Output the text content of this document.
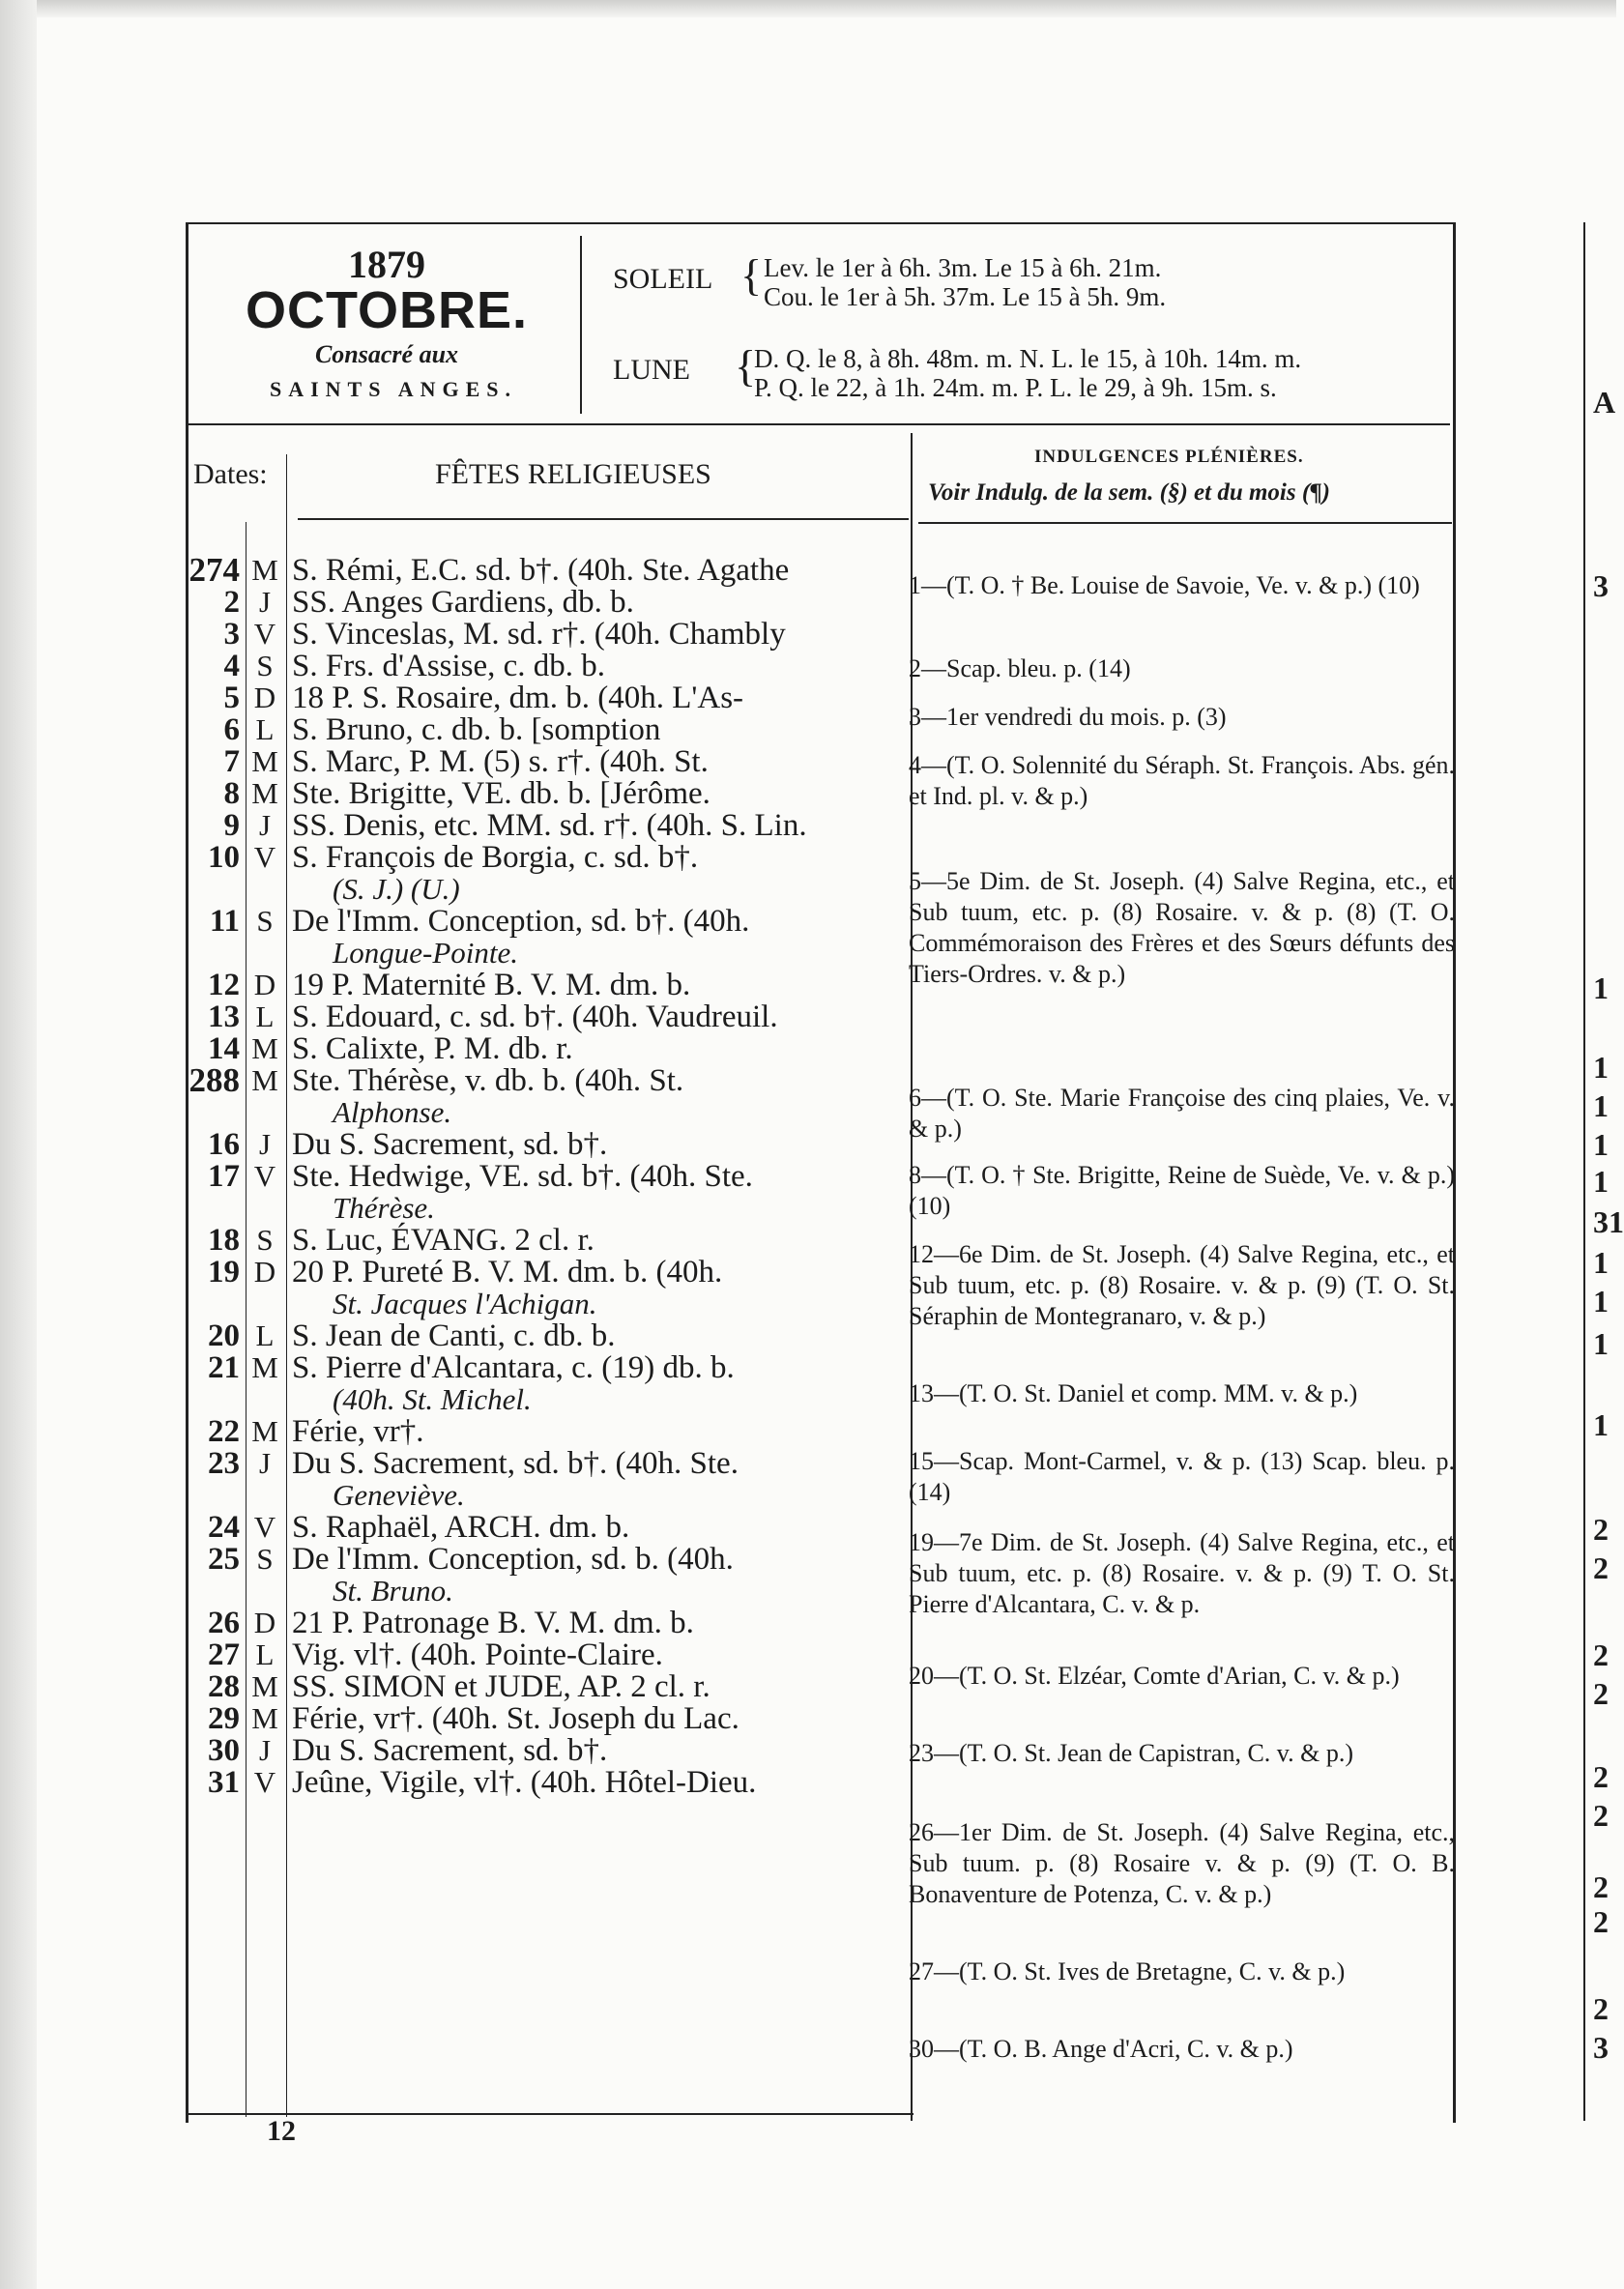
1879
OCTOBRE.
Consacré aux
SAINTS ANGES.
SOLEIL { Lev. le 1er à 6h. 3m. Le 15 à 6h. 21m.
Cou. le 1er à 5h. 37m. Le 15 à 5h. 9m.
LUNE {
D. Q. le 8, à 8h. 48m. m. N. L. le 15, à 10h. 14m. m.
P. Q. le 22, à 1h. 24m. m. P. L. le 29, à 9h. 15m. s.
Dates:	FÊTES RELIGIEUSES
INDULGENCES PLÉNIÈRES.
Voir Indulg. de la sem. (§) et du mois (¶)
274 M S. Rémi, E.C. sd. b†. (40h. Ste. Agathe
2 J SS. Anges Gardiens, db. b.
3 V S. Vinceslas, M. sd. r†. (40h. Chambly
4 S S. Frs. d'Assise, c. db. b.
5 D 18 P. S. Rosaire, dm. b. (40h. L'As-
6 L S. Bruno, c. db. b. [somption
7 M S. Marc, P. M. (5) s. r†. (40h. St.
8 M Ste. Brigitte, VE. db. b. [Jérôme.
9 J SS. Denis, etc. MM. sd. r†. (40h. S. Lin.
10 V S. François de Borgia, c. sd. b†.
(S. J.) (U.)
11 S De l'Imm. Conception, sd. b†. (40h.
Longue-Pointe.
12 D 19 P. Maternité B. V. M. dm. b.
13 L S. Edouard, c. sd. b†. (40h. Vaudreuil.
14 M S. Calixte, P. M. db. r.
288 M Ste. Thérèse, v. db. b. (40h. St.
Alphonse.
16 J Du S. Sacrement, sd. b†.
17 V Ste. Hedwige, VE. sd. b†. (40h. Ste.
Thérèse.
18 S S. Luc, ÉVANG. 2 cl. r.
19 D 20 P. Pureté B. V. M. dm. b. (40h.
St. Jacques l'Achigan.
20 L S. Jean de Canti, c. db. b.
21 M S. Pierre d'Alcantara, c. (19) db. b.
(40h. St. Michel.
22 M Férie, vr†.
23 J Du S. Sacrement, sd. b†. (40h. Ste.
Geneviève.
24 V S. Raphaël, ARCH. dm. b.
25 S De l'Imm. Conception, sd. b. (40h.
St. Bruno.
26 D 21 P. Patronage B. V. M. dm. b.
27 L Vig. vl†. (40h. Pointe-Claire.
28 M SS. SIMON et JUDE, AP. 2 cl. r.
29 M Férie, vr†. (40h. St. Joseph du Lac.
30 J Du S. Sacrement, sd. b†.
31 V Jeûne, Vigile, vl†. (40h. Hôtel-Dieu.
1—(T. O. † Be. Louise de Savoie, Ve. v. & p.) (10)
2—Scap. bleu. p. (14)
3—1er vendredi du mois. p. (3)
4—(T. O. Solennité du Séraph. St. François. Abs. gén. et Ind. pl. v. & p.)
5—5e Dim. de St. Joseph. (4) Salve Regina, etc., et Sub tuum, etc. p. (8) Rosaire. v. & p. (8) (T. O. Commémoraison des Frères et des Sœurs défunts des Tiers-Ordres. v. & p.)
6—(T. O. Ste. Marie Françoise des cinq plaies, Ve. v. & p.)
8—(T. O. † Ste. Brigitte, Reine de Suède, Ve. v. & p.) (10)
12—6e Dim. de St. Joseph. (4) Salve Regina, etc., et Sub tuum, etc. p. (8) Rosaire. v. & p. (9) (T. O. St. Séraphin de Montegranaro, v. & p.)
13—(T. O. St. Daniel et comp. MM. v. & p.)
15—Scap. Mont-Carmel, v. & p. (13) Scap. bleu. p. (14)
19—7e Dim. de St. Joseph. (4) Salve Regina, etc., et Sub tuum, etc. p. (8) Rosaire. v. & p. (9) T. O. St. Pierre d'Alcantara, C. v. & p.
20—(T. O. St. Elzéar, Comte d'Arian, C. v. & p.)
23—(T. O. St. Jean de Capistran, C. v. & p.)
26—1er Dim. de St. Joseph. (4) Salve Regina, etc., Sub tuum. p. (8) Rosaire v. & p. (9) (T. O. B. Bonaventure de Potenza, C. v. & p.)
27—(T. O. St. Ives de Bretagne, C. v. & p.)
30—(T. O. B. Ange d'Acri, C. v. & p.)
12
A
3
1
1
1
1
1
31
1
1
1
1
2
2
2
2
2
2
2
2
2
3
